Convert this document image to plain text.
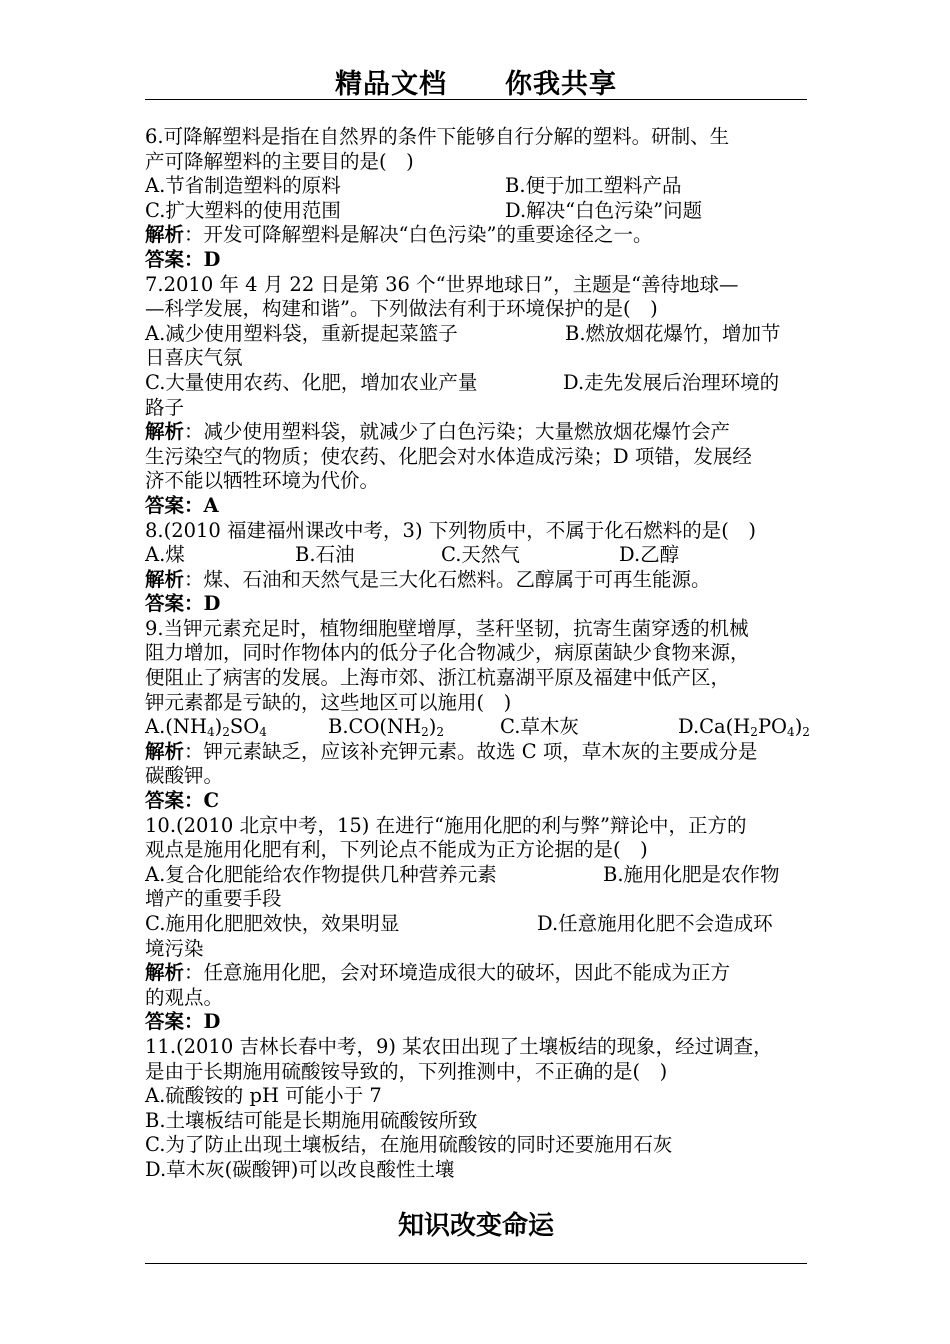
精品文档 你我共享
6.可降解塑料是指在自然界的条件下能够自行分解的塑料。研制、生
产可降解塑料的主要目的是(　)
A.节省制造塑料的原料	B.便于加工塑料产品
C.扩大塑料的使用范围	D.解决“白色污染”问题
解析：开发可降解塑料是解决“白色污染”的重要途径之一。
答案：D
7.2010 年 4 月 22 日是第 36 个“世界地球日”，主题是“善待地球—
—科学发展，构建和谐”。下列做法有利于环境保护的是(　)
A.减少使用塑料袋，重新提起菜篮子	B.燃放烟花爆竹，增加节
日喜庆气氛
C.大量使用农药、化肥，增加农业产量	D.走先发展后治理环境的
路子
解析：减少使用塑料袋，就减少了白色污染；大量燃放烟花爆竹会产
生污染空气的物质；使农药、化肥会对水体造成污染；D 项错，发展经
济不能以牺牲环境为代价。
答案：A
8.(2010 福建福州课改中考，3) 下列物质中，不属于化石燃料的是(　)
A.煤	B.石油	C.天然气	D.乙醇
解析：煤、石油和天然气是三大化石燃料。乙醇属于可再生能源。
答案：D
9.当钾元素充足时，植物细胞壁增厚，茎秆坚韧，抗寄生菌穿透的机械
阻力增加，同时作物体内的低分子化合物减少，病原菌缺少食物来源，
便阻止了病害的发展。上海市郊、浙江杭嘉湖平原及福建中低产区，
钾元素都是亏缺的，这些地区可以施用(　)
$A.(NH_4)_2SO_4$	$B.CO(NH_2)_2$	C.草木灰	$D.Ca(H_2PO_4)_2$
解析：钾元素缺乏，应该补充钾元素。故选 C 项，草木灰的主要成分是
碳酸钾。
答案：C
10.(2010 北京中考，15) 在进行“施用化肥的利与弊”辩论中，正方的
观点是施用化肥有利，下列论点不能成为正方论据的是(　)
A.复合化肥能给农作物提供几种营养元素	B.施用化肥是农作物
增产的重要手段
C.施用化肥肥效快，效果明显	D.任意施用化肥不会造成环
境污染
解析：任意施用化肥，会对环境造成很大的破坏，因此不能成为正方
的观点。
答案：D
11.(2010 吉林长春中考，9) 某农田出现了土壤板结的现象，经过调查，
是由于长期施用硫酸铵导致的，下列推测中，不正确的是(　)
A.硫酸铵的 pH 可能小于 7
B.土壤板结可能是长期施用硫酸铵所致
C.为了防止出现土壤板结，在施用硫酸铵的同时还要施用石灰
D.草木灰(碳酸钾)可以改良酸性土壤
知识改变命运
